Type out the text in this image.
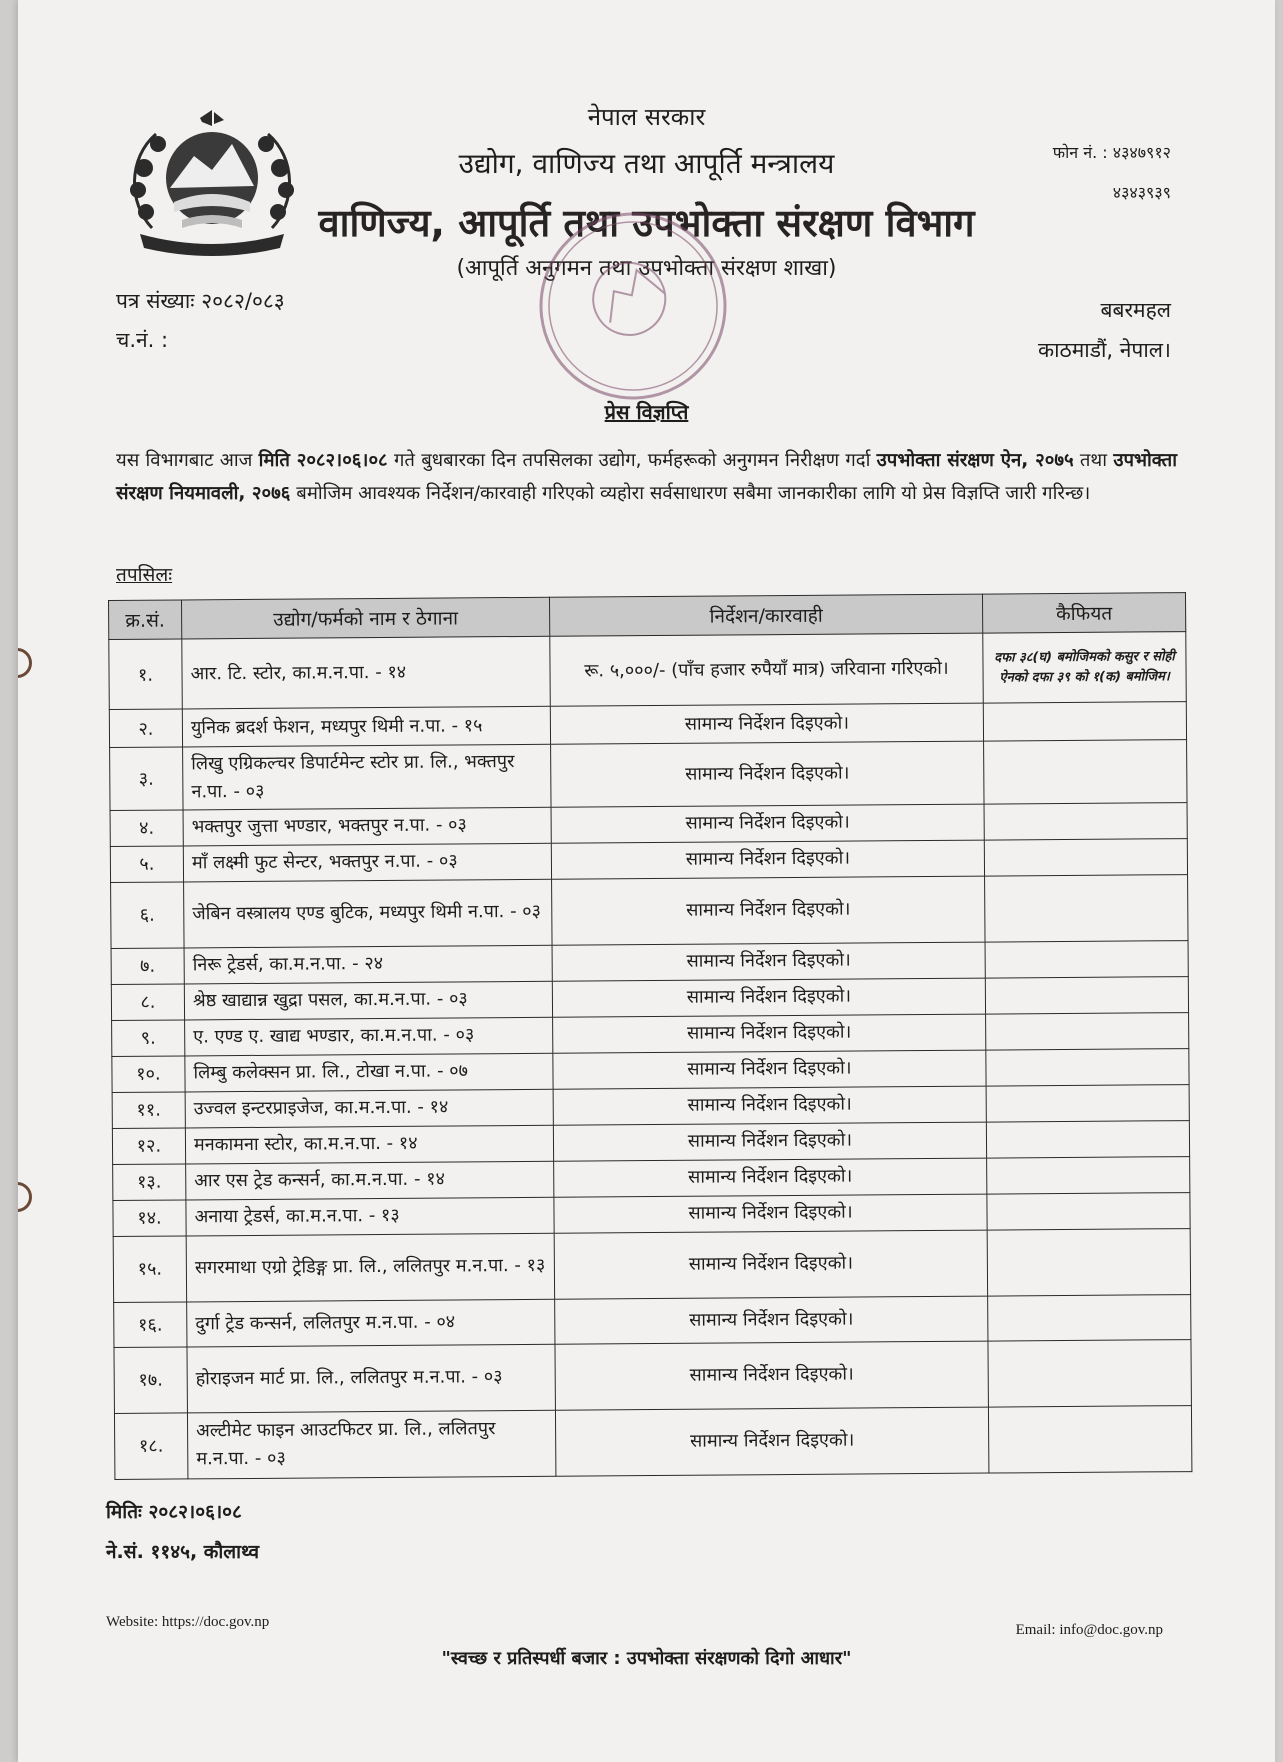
नेपाल सरकार
उद्योग, वाणिज्य तथा आपूर्ति मन्त्रालय
वाणिज्य, आपूर्ति तथा उपभोक्ता संरक्षण विभाग
(आपूर्ति अनुगमन तथा उपभोक्ता संरक्षण शाखा)
फोन नं. : ४३४७९१२
४३४३९३९
पत्र संख्याः २०८२/०८३
च.नं. :
बबरमहल
काठमाडौं, नेपाल।
प्रेस विज्ञप्ति
यस विभागबाट आज मिति २०८२।०६।०८ गते बुधबारका दिन तपसिलका उद्योग, फर्महरूको अनुगमन निरीक्षण गर्दा उपभोक्ता संरक्षण ऐन, २०७५ तथा उपभोक्ता संरक्षण नियमावली, २०७६ बमोजिम आवश्यक निर्देशन/कारवाही गरिएको व्यहोरा सर्वसाधारण सबैमा जानकारीका लागि यो प्रेस विज्ञप्ति जारी गरिन्छ।
तपसिलः
क्र.सं.	उद्योग/फर्मको नाम र ठेगाना	निर्देशन/कारवाही	कैफियत
१.	आर. टि. स्टोर, का.म.न.पा. - १४	रू. ५,०००/- (पाँच हजार रुपैयाँ मात्र) जरिवाना गरिएको।	दफा ३८(घ) बमोजिमको कसुर र सोही ऐनको दफा ३९ को १(क) बमोजिम।
२.	युनिक ब्रदर्श फेशन, मध्यपुर थिमी न.पा. - १५	सामान्य निर्देशन दिइएको।	
३.	लिखु एग्रिकल्चर डिपार्टमेन्ट स्टोर प्रा. लि., भक्तपुर न.पा. - ०३	सामान्य निर्देशन दिइएको।	
४.	भक्तपुर जुत्ता भण्डार, भक्तपुर न.पा. - ०३	सामान्य निर्देशन दिइएको।	
५.	माँ लक्ष्मी फुट सेन्टर, भक्तपुर न.पा. - ०३	सामान्य निर्देशन दिइएको।	
६.	जेबिन वस्त्रालय एण्ड बुटिक, मध्यपुर थिमी न.पा. - ०३	सामान्य निर्देशन दिइएको।	
७.	निरू ट्रेडर्स, का.म.न.पा. - २४	सामान्य निर्देशन दिइएको।	
८.	श्रेष्ठ खाद्यान्न खुद्रा पसल, का.म.न.पा. - ०३	सामान्य निर्देशन दिइएको।	
९.	ए. एण्ड ए. खाद्य भण्डार, का.म.न.पा. - ०३	सामान्य निर्देशन दिइएको।	
१०.	लिम्बु कलेक्सन प्रा. लि., टोखा न.पा. - ०७	सामान्य निर्देशन दिइएको।	
११.	उज्वल इन्टरप्राइजेज, का.म.न.पा. - १४	सामान्य निर्देशन दिइएको।	
१२.	मनकामना स्टोर, का.म.न.पा. - १४	सामान्य निर्देशन दिइएको।	
१३.	आर एस ट्रेड कन्सर्न, का.म.न.पा. - १४	सामान्य निर्देशन दिइएको।	
१४.	अनाया ट्रेडर्स, का.म.न.पा. - १३	सामान्य निर्देशन दिइएको।	
१५.	सगरमाथा एग्रो ट्रेडिङ्ग प्रा. लि., ललितपुर म.न.पा. - १३	सामान्य निर्देशन दिइएको।	
१६.	दुर्गा ट्रेड कन्सर्न, ललितपुर म.न.पा. - ०४	सामान्य निर्देशन दिइएको।	
१७.	होराइजन मार्ट प्रा. लि., ललितपुर म.न.पा. - ०३	सामान्य निर्देशन दिइएको।	
१८.	अल्टीमेट फाइन आउटफिटर प्रा. लि., ललितपुर म.न.पा. - ०३	सामान्य निर्देशन दिइएको।	
मितिः २०८२।०६।०८
ने.सं. ११४५, कौलाथ्व
Website: https://doc.gov.np	Email: info@doc.gov.np
"स्वच्छ र प्रतिस्पर्धी बजार : उपभोक्ता संरक्षणको दिगो आधार"
